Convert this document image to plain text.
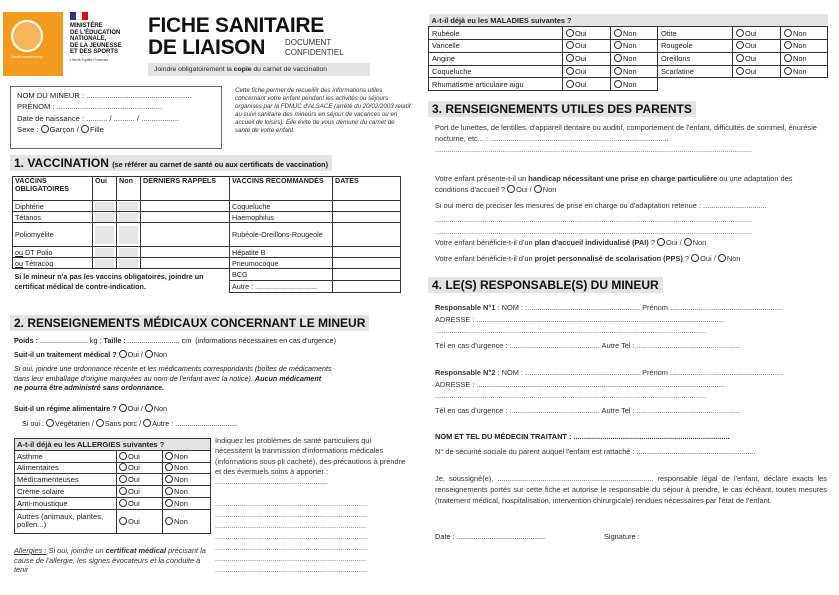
Comité départemental
MINISTÈRE
DE L'ÉDUCATION
NATIONALE,
DE LA JEUNESSE
ET DES SPORTS
Liberté Égalité Fraternité
FICHE SANITAIRE
DE LIAISON	DOCUMENT
CONFIDENTIEL
Joindre obligatoirement la copie du carnet de vaccination
NOM DU MINEUR : ..................................................
PRÉNOM : ..................................................
Date de naissance : .......... / .......... / ..................
Sexe : Garçon / Fille
Cette fiche permet de recueillir des informations utiles concernant votre enfant pendant les activités ou séjours organisés par la FDMJC d'ALSACE (arrêté du 20/02/2003 relatif au suivi sanitaire des mineurs en séjour de vacances ou en accueil de loisirs). Elle évite de vous démunir du carnet de santé de votre enfant.
1. VACCINATION (se référer au carnet de santé ou aux certificats de vaccination)
VACCINS OBLIGATOIRES	Oui	Non	DERNIERS RAPPELS	VACCINS RECOMMANDÉS	DATES
Diphtérie				Coqueluche	
Tétanos				Haemophilus	
Poliomyélite				Rubéole-Oreillons-Rougeole	
ou DT Polio				Hépatite B	
ou Tétracoq				Pneumocoque	
Si le mineur n'a pas les vaccins obligatoires, joindre un certificat médical de contre-indication.				BCG	
				Autre : ...............................	
2. RENSEIGNEMENTS MÉDICAUX CONCERNANT LE MINEUR
Poids : ........................ kg ; Taille : .......................... cm (informations nécessaires en cas d'urgence)
Suit-il un traitement médical ? Oui / Non
Si oui, joindre une ordonnance récente et les médicaments correspondants (boîtes de médicaments
dans leur emballage d'origine marquées au nom de l'enfant avec la notice). Aucun médicament
ne pourra être administré sans ordonnance.
Suit-il un régime alimentaire ? Oui / Non
Si oui : Végétarien / Sans porc / Autre : ...............................
A-t-il déjà eu les ALLERGIES suivantes ?		
Asthme	Oui	Non
Alimentaires	Oui	Non
Médicamenteuses	Oui	Non
Crème solaire	Oui	Non
Anti-moustique	Oui	Non
Autres (animaux, plantes, pollen...)	Oui	Non
Allergies : Si oui, joindre un certificat médical précisant la cause de l'allergie, les signes évocateurs et la conduite à tenir
Indiquez les problèmes de santé particuliers qui nécessitent la tranmission d'informations médicales (informations sous pli cacheté), des précautions à prendre et des éventuels soins à apporter : .......................................................
..........................................................................
..........................................................................
..........................................................................
..........................................................................
..........................................................................
..........................................................................
..........................................................................
A-t-il déjà eu les MALADIES suivantes ?					
Rubéole	Oui	Non	Otite	Oui	Non
Varicelle	Oui	Non	Rougeole	Oui	Non
Angine	Oui	Non	Oreillons	Oui	Non
Coqueluche	Oui	Non	Scarlatine	Oui	Non
Rhumatisme articulaire aigu	Oui	Non			
3. RENSEIGNEMENTS UTILES DES PARENTS
Port de lunettes, de lentilles, d'appareil dentaire ou auditif, comportement de l'enfant, difficultés de sommeil, énurésie nocturne, etc... : .......................................................................................
..........................................................................................................................................................
Votre enfant présente-t-il un handicap nécessitant une prise en charge particulière ou une adaptation des conditions d'accueil ? Oui / Non
Si oui merci de préciser les mesures de prise en charge ou d'adaptation retenue : ...............................
..........................................................................................................................................................
..........................................................................................................................................................
Votre enfant bénéficie-t-il d'un plan d'accueil individualisé (PAI) ? Oui / Non
Votre enfant bénéficie-t-il d'un projet personnalisé de scolarisation (PPS) ? Oui / Non
4. LE(S) RESPONSABLE(S) DU MINEUR
Responsable N°1 : NOM : ........................................................ Prénom .......................................................
ADRESSE : .........................................................................................................................
....................................................................................................................................
Tél en cas d'urgence : ............................................ Autre Tel : ..................................................
Responsable N°2 : NOM : ........................................................ Prénom .......................................................
ADRESSE : .........................................................................................................................
....................................................................................................................................
Tél en cas d'urgence : ............................................ Autre Tel : ..................................................
NOM ET TEL DU MÉDECIN TRAITANT : ............................................................................
N° de sécurité sociale du parent auquel l'enfant est rattaché : ..........................................................
Je, soussigné(e), ............................................................................ responsable légal de l'enfant, déclare exacts les renseignements portés sur cette fiche et autorise le responsable du séjour à prendre, le cas échéant, toutes mesures (traitement médical, hospitalisation, intervention chirurgicale) rendues nécessaires par l'état de l'enfant.
Date : ...........................................	Signature :
